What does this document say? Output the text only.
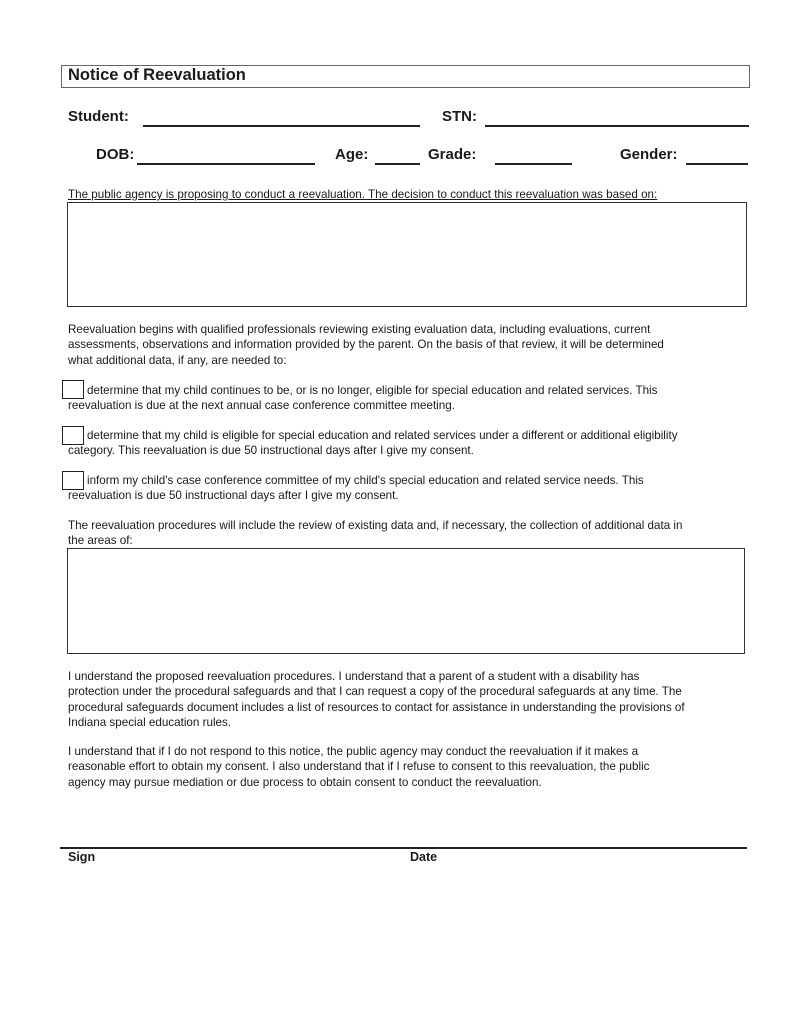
Notice of Reevaluation
Student:	STN:
DOB:	Age:	Grade:	Gender:
The public agency is proposing to conduct a reevaluation. The decision to conduct this reevaluation was based on:
Reevaluation begins with qualified professionals reviewing existing evaluation data, including evaluations, current
assessments, observations and information provided by the parent. On the basis of that review, it will be determined
what additional data, if any, are needed to:
determine that my child continues to be, or is no longer, eligible for special education and related services. This
reevaluation is due at the next annual case conference committee meeting.
determine that my child is eligible for special education and related services under a different or additional eligibility
category. This reevaluation is due 50 instructional days after I give my consent.
inform my child's case conference committee of my child's special education and related service needs. This
reevaluation is due 50 instructional days after I give my consent.
The reevaluation procedures will include the review of existing data and, if necessary, the collection of additional data in
the areas of:
I understand the proposed reevaluation procedures. I understand that a parent of a student with a disability has
protection under the procedural safeguards and that I can request a copy of the procedural safeguards at any time. The
procedural safeguards document includes a list of resources to contact for assistance in understanding the provisions of
Indiana special education rules.
I understand that if I do not respond to this notice, the public agency may conduct the reevaluation if it makes a
reasonable effort to obtain my consent. I also understand that if I refuse to consent to this reevaluation, the public
agency may pursue mediation or due process to obtain consent to conduct the reevaluation.
Sign	Date
